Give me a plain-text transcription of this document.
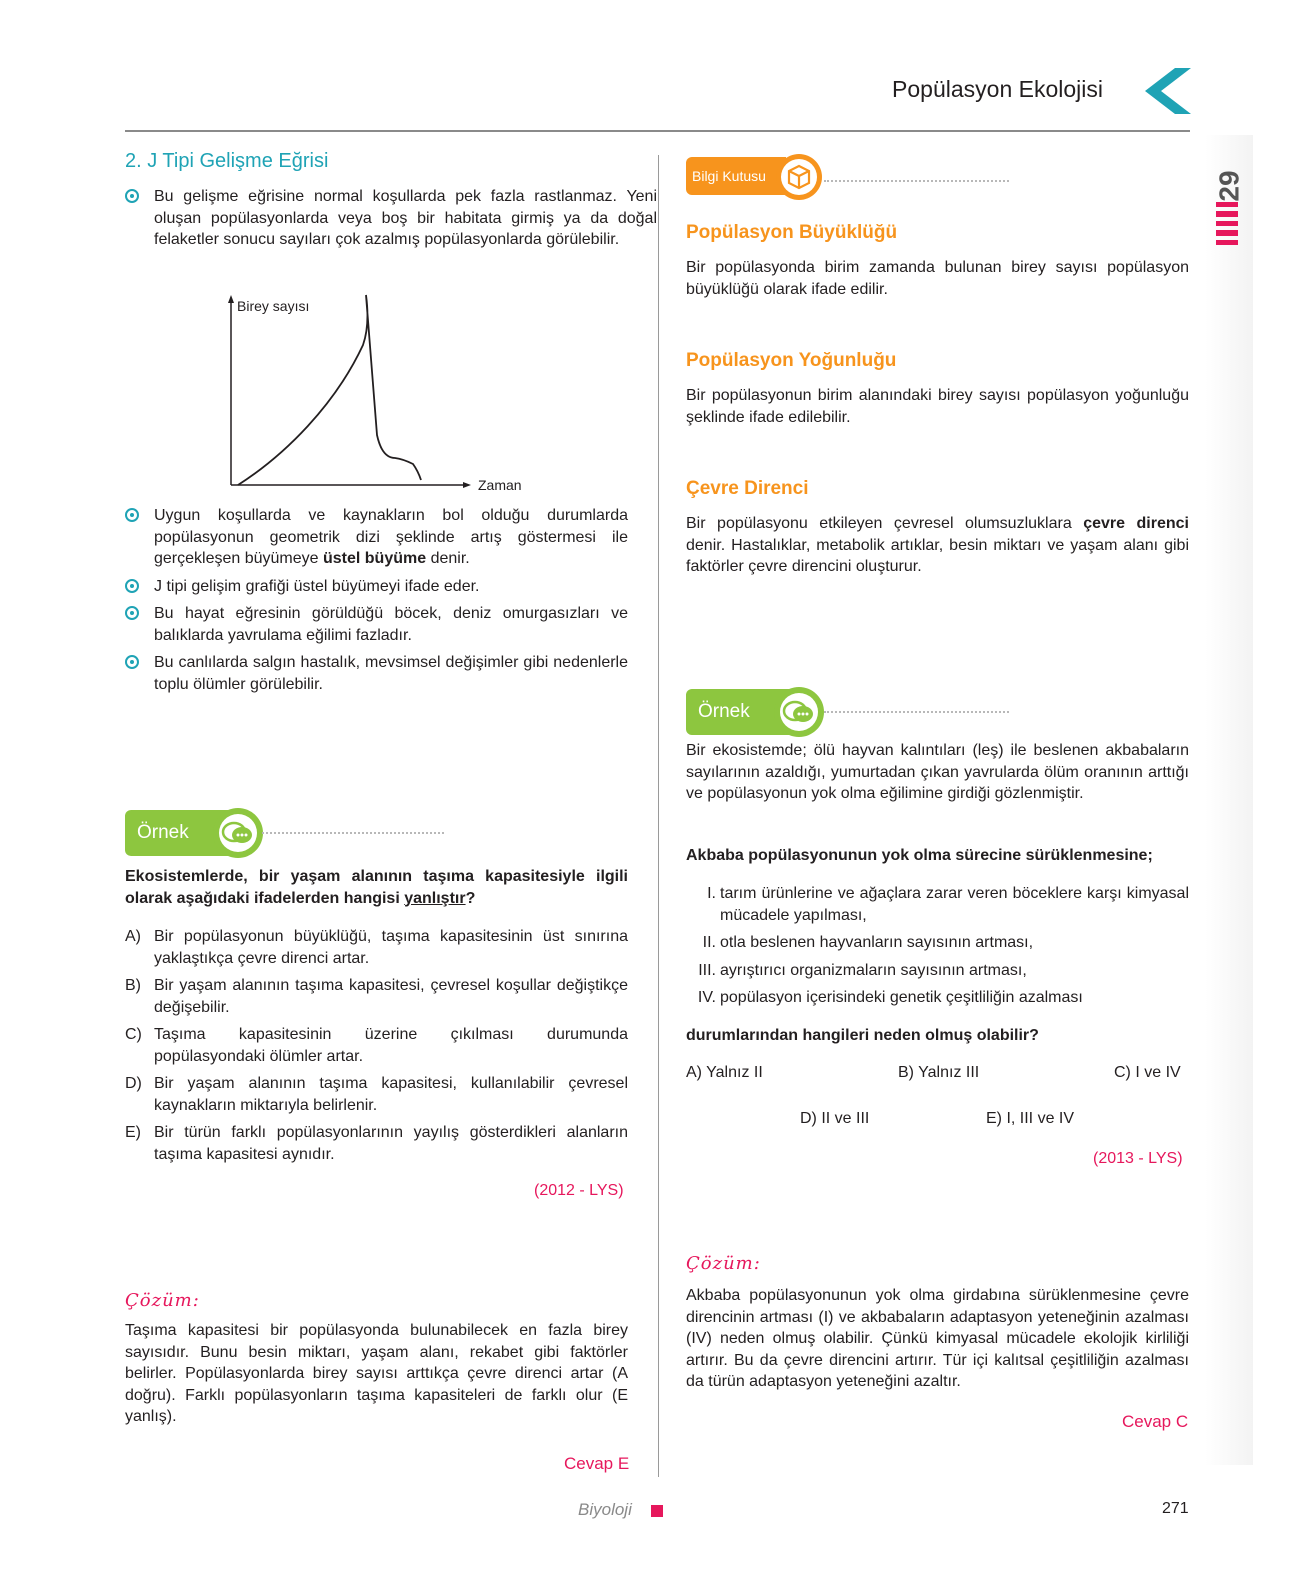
Popülasyon Ekolojisi
29
2. J Tipi Gelişme Eğrisi
Bu gelişme eğrisine normal koşullarda pek fazla rastlanmaz. Yeni oluşan popülasyonlarda veya boş bir habitata girmiş ya da doğal felaketler sonucu sayıları çok azalmış popülasyonlarda görülebilir.
Birey sayısı
Zaman
Uygun koşullarda ve kaynakların bol olduğu durumlarda popülasyonun geometrik dizi şeklinde artış göstermesi ile gerçekleşen büyümeye üstel büyüme denir.
J tipi gelişim grafiği üstel büyümeyi ifade eder.
Bu hayat eğresinin görüldüğü böcek, deniz omurgasızları ve balıklarda yavrulama eğilimi fazladır.
Bu canlılarda salgın hastalık, mevsimsel değişimler gibi nedenlerle toplu ölümler görülebilir.
Örnek
Ekosistemlerde, bir yaşam alanının taşıma kapasitesiyle ilgili olarak aşağıdaki ifadelerden hangisi yanlıştır?
A) Bir popülasyonun büyüklüğü, taşıma kapasitesinin üst sınırına yaklaştıkça çevre direnci artar.
B) Bir yaşam alanının taşıma kapasitesi, çevresel koşullar değiştikçe değişebilir.
C) Taşıma kapasitesinin üzerine çıkılması durumunda popülasyondaki ölümler artar.
D) Bir yaşam alanının taşıma kapasitesi, kullanılabilir çevresel kaynakların miktarıyla belirlenir.
E) Bir türün farklı popülasyonlarının yayılış gösterdikleri alanların taşıma kapasitesi aynıdır.
(2012 - LYS)
Çözüm:
Taşıma kapasitesi bir popülasyonda bulunabilecek en fazla birey sayısıdır. Bunu besin miktarı, yaşam alanı, rekabet gibi faktörler belirler. Popülasyonlarda birey sayısı arttıkça çevre direnci artar (A doğru). Farklı popülasyonların taşıma kapasiteleri de farklı olur (E yanlış).
Cevap E
Bilgi Kutusu
Popülasyon Büyüklüğü
Bir popülasyonda birim zamanda bulunan birey sayısı popülasyon büyüklüğü olarak ifade edilir.
Popülasyon Yoğunluğu
Bir popülasyonun birim alanındaki birey sayısı popülasyon yoğunluğu şeklinde ifade edilebilir.
Çevre Direnci
Bir popülasyonu etkileyen çevresel olumsuzluklara çevre direnci denir. Hastalıklar, metabolik artıklar, besin miktarı ve yaşam alanı gibi faktörler çevre direncini oluşturur.
Örnek
Bir ekosistemde; ölü hayvan kalıntıları (leş) ile beslenen akbabaların sayılarının azaldığı, yumurtadan çıkan yavrularda ölüm oranının arttığı ve popülasyonun yok olma eğilimine girdiği gözlenmiştir.
Akbaba popülasyonunun yok olma sürecine sürüklenmesine;
I. tarım ürünlerine ve ağaçlara zarar veren böceklere karşı kimyasal mücadele yapılması,
II. otla beslenen hayvanların sayısının artması,
III. ayrıştırıcı organizmaların sayısının artması,
IV. popülasyon içerisindeki genetik çeşitliliğin azalması
durumlarından hangileri neden olmuş olabilir?
A) Yalnız II	B) Yalnız III	C) I ve IV
D) II ve III	E) I, III ve IV
(2013 - LYS)
Çözüm:
Akbaba popülasyonunun yok olma girdabına sürüklenmesine çevre direncinin artması (I) ve akbabaların adaptasyon yeteneğinin azalması (IV) neden olmuş olabilir. Çünkü kimyasal mücadele ekolojik kirliliği artırır. Bu da çevre direncini artırır. Tür içi kalıtsal çeşitliliğin azalması da türün adaptasyon yeteneğini azaltır.
Cevap C
Biyoloji	271
